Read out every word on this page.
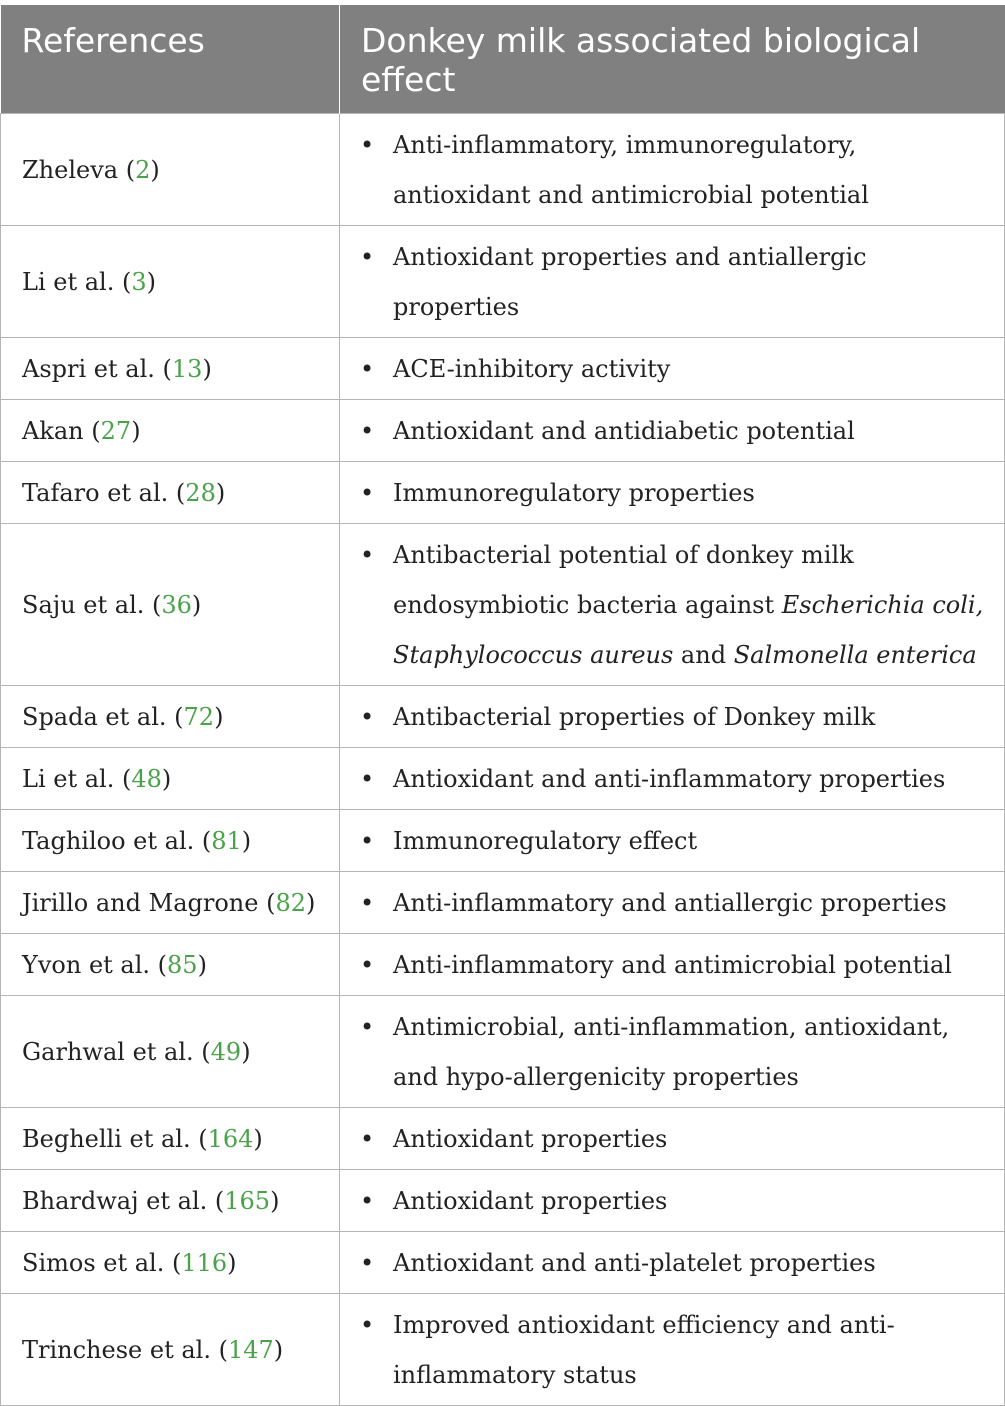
References	Donkey milk associated biological effect
Zheleva (2)	• Anti-inflammatory, immunoregulatory, antioxidant and antimicrobial potential

Li et al. (3)	• Antioxidant properties and antiallergic properties

Aspri et al. (13)	• ACE-inhibitory activity

Akan (27)	• Antioxidant and antidiabetic potential

Tafaro et al. (28)	• Immunoregulatory properties

Saju et al. (36)	• Antibacterial potential of donkey milk endosymbiotic bacteria against Escherichia coli, Staphylococcus aureus and Salmonella enterica

Spada et al. (72)	• Antibacterial properties of Donkey milk

Li et al. (48)	• Antioxidant and anti-inflammatory properties

Taghiloo et al. (81)	• Immunoregulatory effect

Jirillo and Magrone (82)	• Anti-inflammatory and antiallergic properties

Yvon et al. (85)	• Anti-inflammatory and antimicrobial potential

Garhwal et al. (49)	• Antimicrobial, anti-inflammation, antioxidant, and hypo-allergenicity properties

Beghelli et al. (164)	• Antioxidant properties

Bhardwaj et al. (165)	• Antioxidant properties

Simos et al. (116)	• Antioxidant and anti-platelet properties

Trinchese et al. (147)	• Improved antioxidant efficiency and anti-inflammatory status
